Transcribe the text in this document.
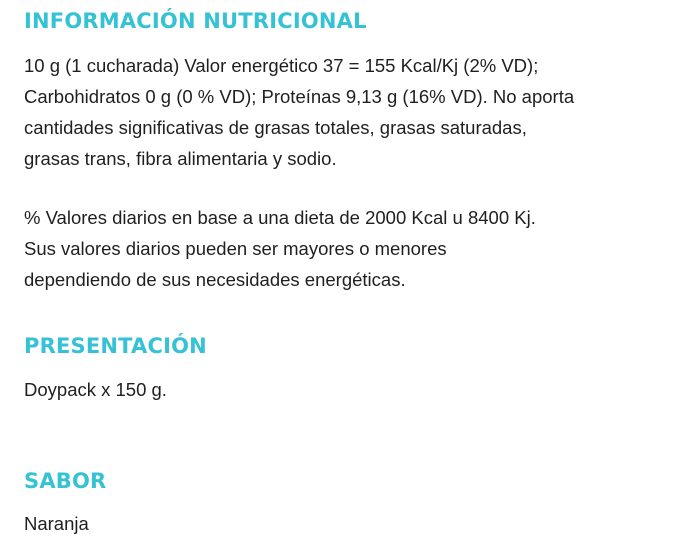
INFORMACIÓN NUTRICIONAL

10 g (1 cucharada) Valor energético 37 = 155 Kcal/Kj (2% VD);
Carbohidratos 0 g (0 % VD); Proteínas 9,13 g (16% VD). No aporta
cantidades significativas de grasas totales, grasas saturadas,
grasas trans, fibra alimentaria y sodio.

% Valores diarios en base a una dieta de 2000 Kcal u 8400 Kj.
Sus valores diarios pueden ser mayores o menores
dependiendo de sus necesidades energéticas.

PRESENTACIÓN

Doypack x 150 g.

SABOR

Naranja
